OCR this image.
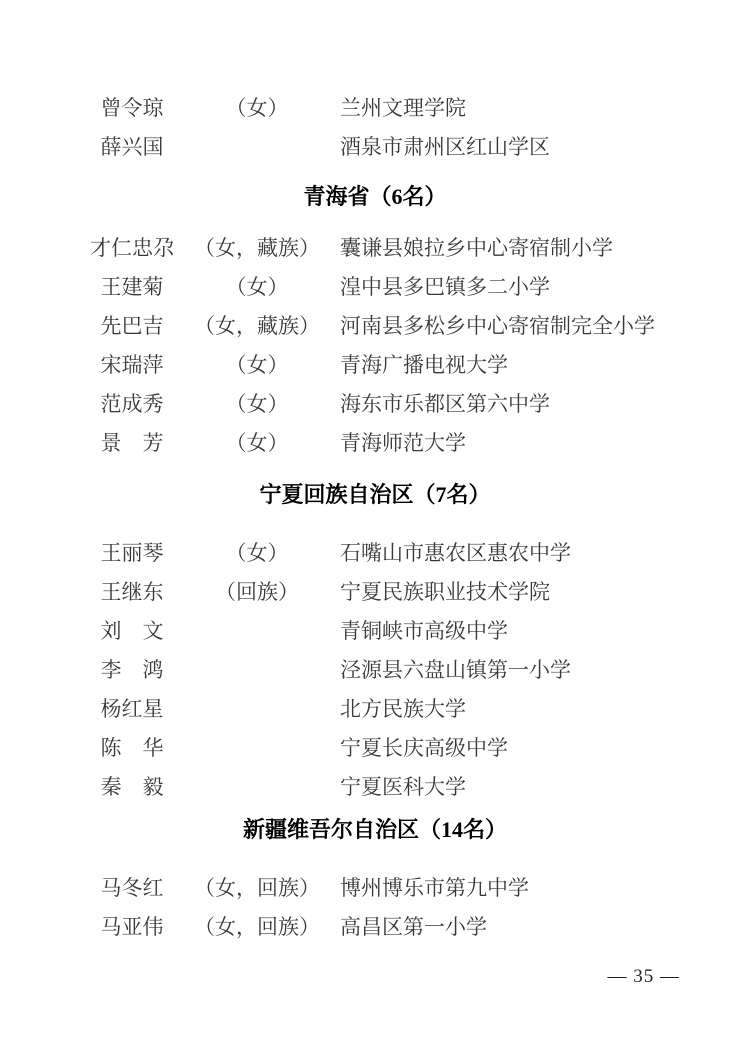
曾令琼	（女）	兰州文理学院
薛兴国	酒泉市肃州区红山学区
青海省（6名）
才仁忠尕 （女，藏族） 囊谦县娘拉乡中心寄宿制小学
王建菊	（女）	湟中县多巴镇多二小学
先巴吉	（女，藏族） 河南县多松乡中心寄宿制完全小学
宋瑞萍	（女）	青海广播电视大学
范成秀	（女）	海东市乐都区第六中学
景　芳	（女）	青海师范大学
宁夏回族自治区（7名）
王丽琴	（女）	石嘴山市惠农区惠农中学
王继东	（回族）	宁夏民族职业技术学院
刘　文	青铜峡市高级中学
李　鸿	泾源县六盘山镇第一小学
杨红星	北方民族大学
陈　华	宁夏长庆高级中学
秦　毅	宁夏医科大学
新疆维吾尔自治区（14名）
马冬红	（女，回族） 博州博乐市第九中学
马亚伟	（女，回族） 高昌区第一小学
— 35 —
